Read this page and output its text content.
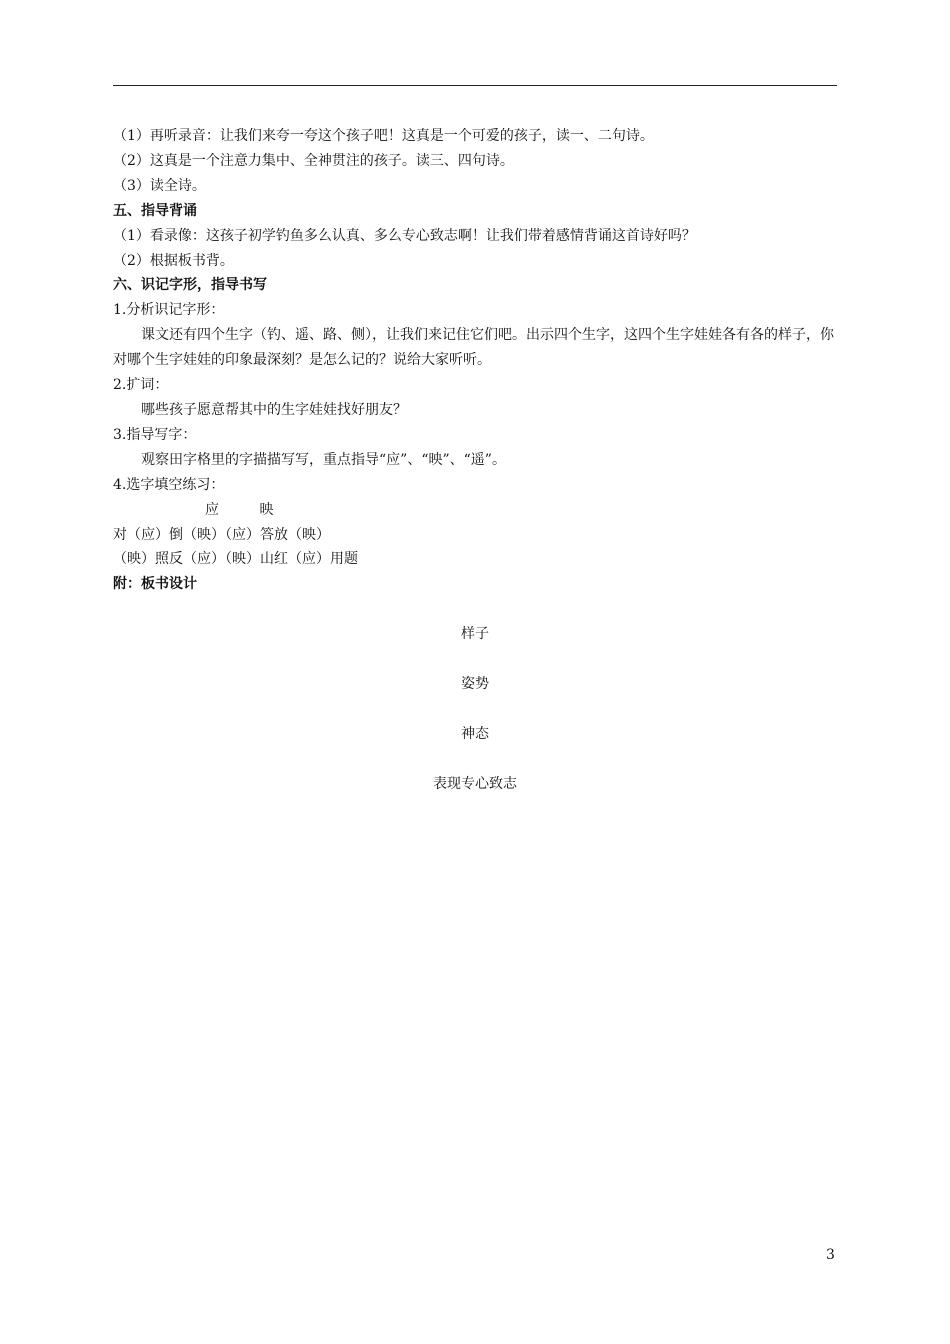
（1）再听录音：让我们来夸一夸这个孩子吧！这真是一个可爱的孩子，读一、二句诗。

（2）这真是一个注意力集中、全神贯注的孩子。读三、四句诗。

（3）读全诗。

五、指导背诵

（1）看录像：这孩子初学钓鱼多么认真、多么专心致志啊！让我们带着感情背诵这首诗好吗？

（2）根据板书背。

六、识记字形，指导书写

1.分析识记字形：

课文还有四个生字（钓、遥、路、侧），让我们来记住它们吧。出示四个生字，这四个生字娃娃各有各的样子，你对哪个生字娃娃的印象最深刻？是怎么记的？说给大家听听。

2.扩词：

哪些孩子愿意帮其中的生字娃娃找好朋友？

3.指导写字：

观察田字格里的字描描写写，重点指导“应”、“映”、“遥”。

4.选字填空练习：

应	映

对（应）倒（映）（应）答放（映）

（映）照反（应）（映）山红（应）用题

附：板书设计

样子
姿势
神态
表现专心致志
3
